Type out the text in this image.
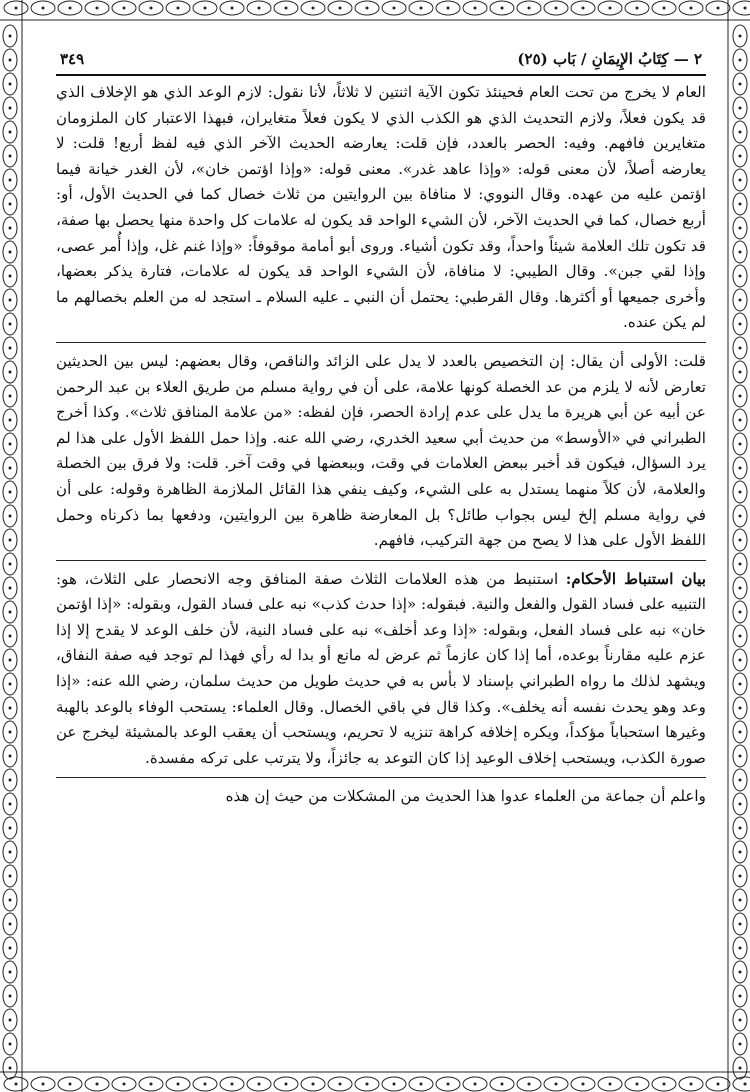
٢ — كِتَابُ الإِيمَانِ / بَاب (٢٥)
٣٤٩

العام لا يخرج من تحت العام فحينئذ تكون الآية اثنتين لا ثلاثاً، لأنا نقول: لازم الوعد الذي هو الإخلاف الذي قد يكون فعلاً، ولازم التحديث الذي هو الكذب الذي لا يكون فعلاً متغايران، فبهذا الاعتبار كان الملزومان متغايرين فافهم. وفيه: الحصر بالعدد، فإن قلت: يعارضه الحديث الآخر الذي فيه لفظ أربع! قلت: لا يعارضه أصلاً، لأن معنى قوله: «وإذا عاهد غدر». معنى قوله: «وإذا اؤتمن خان»، لأن الغدر خيانة فيما اؤتمن عليه من عهده. وقال النووي: لا منافاة بين الروايتين من ثلاث خصال كما في الحديث الأول، أو: أربع خصال، كما في الحديث الآخر، لأن الشيء الواحد قد يكون له علامات كل واحدة منها يحصل بها صفة، قد تكون تلك العلامة شيئاً واحداً، وقد تكون أشياء. وروى أبو أمامة موقوفاً: «وإذا غنم غل، وإذا أُمر عصى، وإذا لقي جبن». وقال الطيبي: لا منافاة، لأن الشيء الواحد قد يكون له علامات، فتارة يذكر بعضها، وأخرى جميعها أو أكثرها. وقال القرطبي: يحتمل أن النبي ـ عليه السلام ـ استجد له من العلم بخصالهم ما لم يكن عنده.

قلت: الأولى أن يقال: إن التخصيص بالعدد لا يدل على الزائد والناقص، وقال بعضهم: ليس بين الحديثين تعارض لأنه لا يلزم من عد الخصلة كونها علامة، على أن في رواية مسلم من طريق العلاء بن عبد الرحمن عن أبيه عن أبي هريرة ما يدل على عدم إرادة الحصر، فإن لفظه: «من علامة المنافق ثلاث». وكذا أخرج الطبراني في «الأوسط» من حديث أبي سعيد الخدري، رضي الله عنه. وإذا حمل اللفظ الأول على هذا لم يرد السؤال، فيكون قد أخبر ببعض العلامات في وقت، وببعضها في وقت آخر. قلت: ولا فرق بين الخصلة والعلامة، لأن كلاً منهما يستدل به على الشيء، وكيف ينفي هذا القائل الملازمة الظاهرة وقوله: على أن في رواية مسلم إلخ ليس بجواب طائل؟ بل المعارضة ظاهرة بين الروايتين، ودفعها بما ذكرناه وحمل اللفظ الأول على هذا لا يصح من جهة التركيب، فافهم.

بيان استنباط الأحكام: استنبط من هذه العلامات الثلاث صفة المنافق وجه الانحصار على الثلاث، هو: التنبيه على فساد القول والفعل والنية. فبقوله: «إذا حدث كذب» نبه على فساد القول، وبقوله: «إذا اؤتمن خان» نبه على فساد الفعل، وبقوله: «إذا وعد أخلف» نبه على فساد النية، لأن خلف الوعد لا يقدح إلا إذا عزم عليه مقارناً بوعده، أما إذا كان عازماً ثم عرض له مانع أو بدا له رأي فهذا لم توجد فيه صفة النفاق، ويشهد لذلك ما رواه الطبراني بإسناد لا بأس به في حديث طويل من حديث سلمان، رضي الله عنه: «إذا وعد وهو يحدث نفسه أنه يخلف». وكذا قال في باقي الخصال. وقال العلماء: يستحب الوفاء بالوعد بالهبة وغيرها استحباباً مؤكداً، ويكره إخلافه كراهة تنزيه لا تحريم، ويستحب أن يعقب الوعد بالمشيئة ليخرج عن صورة الكذب، ويستحب إخلاف الوعيد إذا كان التوعد به جائزاً، ولا يترتب على تركه مفسدة.

واعلم أن جماعة من العلماء عدوا هذا الحديث من المشكلات من حيث إن هذه
